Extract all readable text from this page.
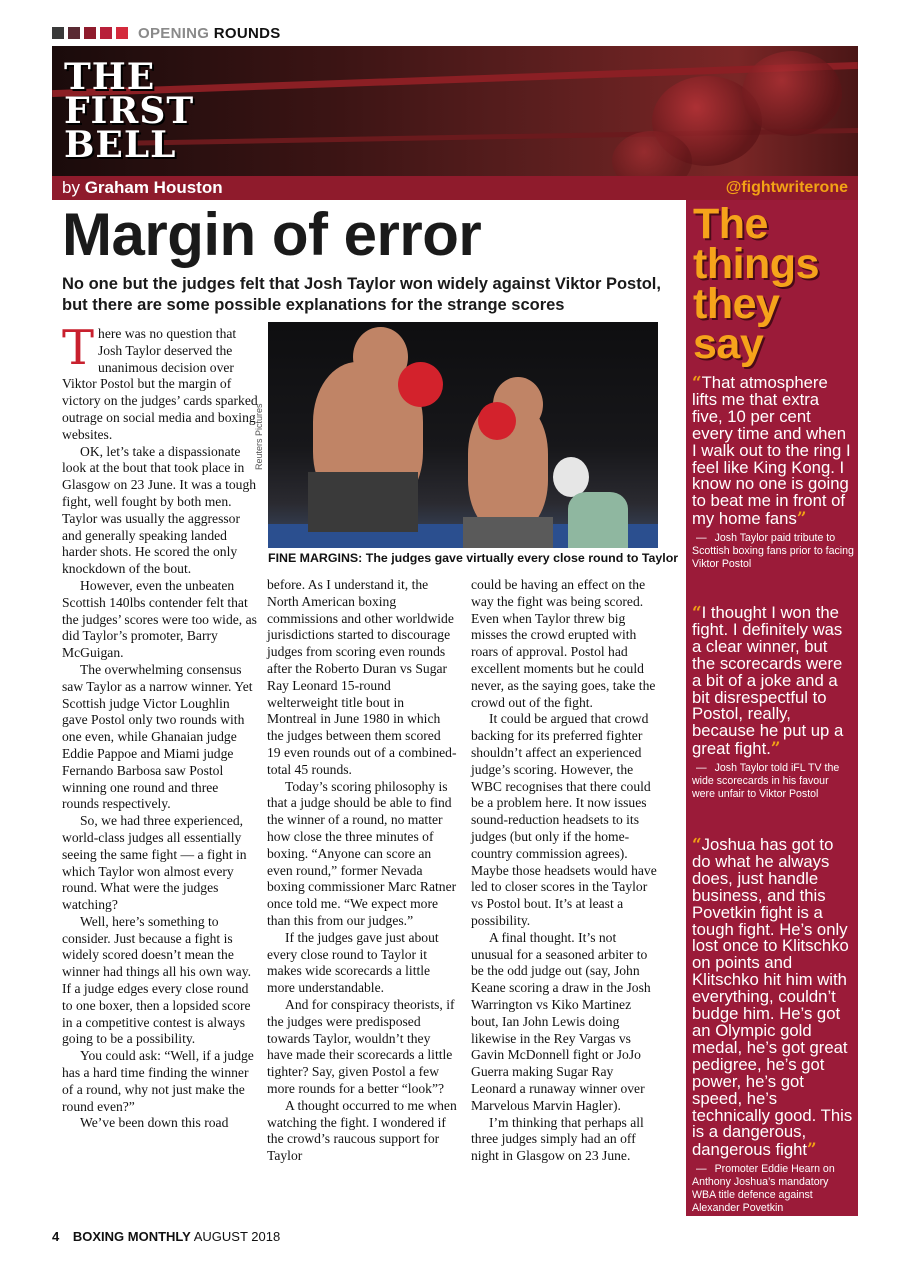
OPENING ROUNDS
THE
FIRST
BELL
by Graham Houston	@fightwriterone
Margin of error
No one but the judges felt that Josh Taylor won widely against Viktor Postol, but there are some possible explanations for the strange scores

There was no question that Josh Taylor deserved the unanimous decision over Viktor Postol but the margin of victory on the judges’ cards sparked outrage on social media and boxing websites.

OK, let’s take a dispassionate look at the bout that took place in Glasgow on 23 June. It was a tough fight, well fought by both men. Taylor was usually the aggressor and generally speaking landed harder shots. He scored the only knockdown of the bout.

However, even the unbeaten Scottish 140lbs contender felt that the judges’ scores were too wide, as did Taylor’s promoter, Barry McGuigan.

The overwhelming consensus saw Taylor as a narrow winner. Yet Scottish judge Victor Loughlin gave Postol only two rounds with one even, while Ghanaian judge Eddie Pappoe and Miami judge Fernando Barbosa saw Postol winning one round and three rounds respectively.

So, we had three experienced, world-class judges all essentially seeing the same fight — a fight in which Taylor won almost every round. What were the judges watching?

Well, here’s something to consider. Just because a fight is widely scored doesn’t mean the winner had things all his own way. If a judge edges every close round to one boxer, then a lopsided score in a competitive contest is always going to be a possibility.

You could ask: “Well, if a judge has a hard time finding the winner of a round, why not just make the round even?”

We’ve been down this road

Reuters Pictures
FINE MARGINS: The judges gave virtually every close round to Taylor

before. As I understand it, the North American boxing commissions and other worldwide jurisdictions started to discourage judges from scoring even rounds after the Roberto Duran vs Sugar Ray Leonard 15-round welterweight title bout in Montreal in June 1980 in which the judges between them scored 19 even rounds out of a combined-total 45 rounds.

Today’s scoring philosophy is that a judge should be able to find the winner of a round, no matter how close the three minutes of boxing. “Anyone can score an even round,” former Nevada boxing commissioner Marc Ratner once told me. “We expect more than this from our judges.”

If the judges gave just about every close round to Taylor it makes wide scorecards a little more understandable.

And for conspiracy theorists, if the judges were predisposed towards Taylor, wouldn’t they have made their scorecards a little tighter? Say, given Postol a few more rounds for a better “look”?

A thought occurred to me when watching the fight. I wondered if the crowd’s raucous support for Taylor

could be having an effect on the way the fight was being scored. Even when Taylor threw big misses the crowd erupted with roars of approval. Postol had excellent moments but he could never, as the saying goes, take the crowd out of the fight.

It could be argued that crowd backing for its preferred fighter shouldn’t affect an experienced judge’s scoring. However, the WBC recognises that there could be a problem here. It now issues sound-reduction headsets to its judges (but only if the home-country commission agrees). Maybe those headsets would have led to closer scores in the Taylor vs Postol bout. It’s at least a possibility.

A final thought. It’s not unusual for a seasoned arbiter to be the odd judge out (say, John Keane scoring a draw in the Josh Warrington vs Kiko Martinez bout, Ian John Lewis doing likewise in the Rey Vargas vs Gavin McDonnell fight or JoJo Guerra making Sugar Ray Leonard a runaway winner over Marvelous Marvin Hagler).

I’m thinking that perhaps all three judges simply had an off night in Glasgow on 23 June.

The
things
they
say
“That atmosphere lifts me that extra five, 10 per cent every time and when I walk out to the ring I feel like King Kong. I know no one is going to beat me in front of my home fans”
— Josh Taylor paid tribute to Scottish boxing fans prior to facing Viktor Postol
“I thought I won the fight. I definitely was a clear winner, but the scorecards were a bit of a joke and a bit disrespectful to Postol, really, because he put up a great fight.”
— Josh Taylor told iFL TV the wide scorecards in his favour were unfair to Viktor Postol
“Joshua has got to do what he always does, just handle business, and this Povetkin fight is a tough fight. He’s only lost once to Klitschko on points and Klitschko hit him with everything, couldn’t budge him. He’s got an Olympic gold medal, he’s got great pedigree, he’s got power, he’s got speed, he’s technically good. This is a dangerous, dangerous fight”
— Promoter Eddie Hearn on Anthony Joshua’s mandatory WBA title defence against Alexander Povetkin
4 BOXING MONTHLY AUGUST 2018
